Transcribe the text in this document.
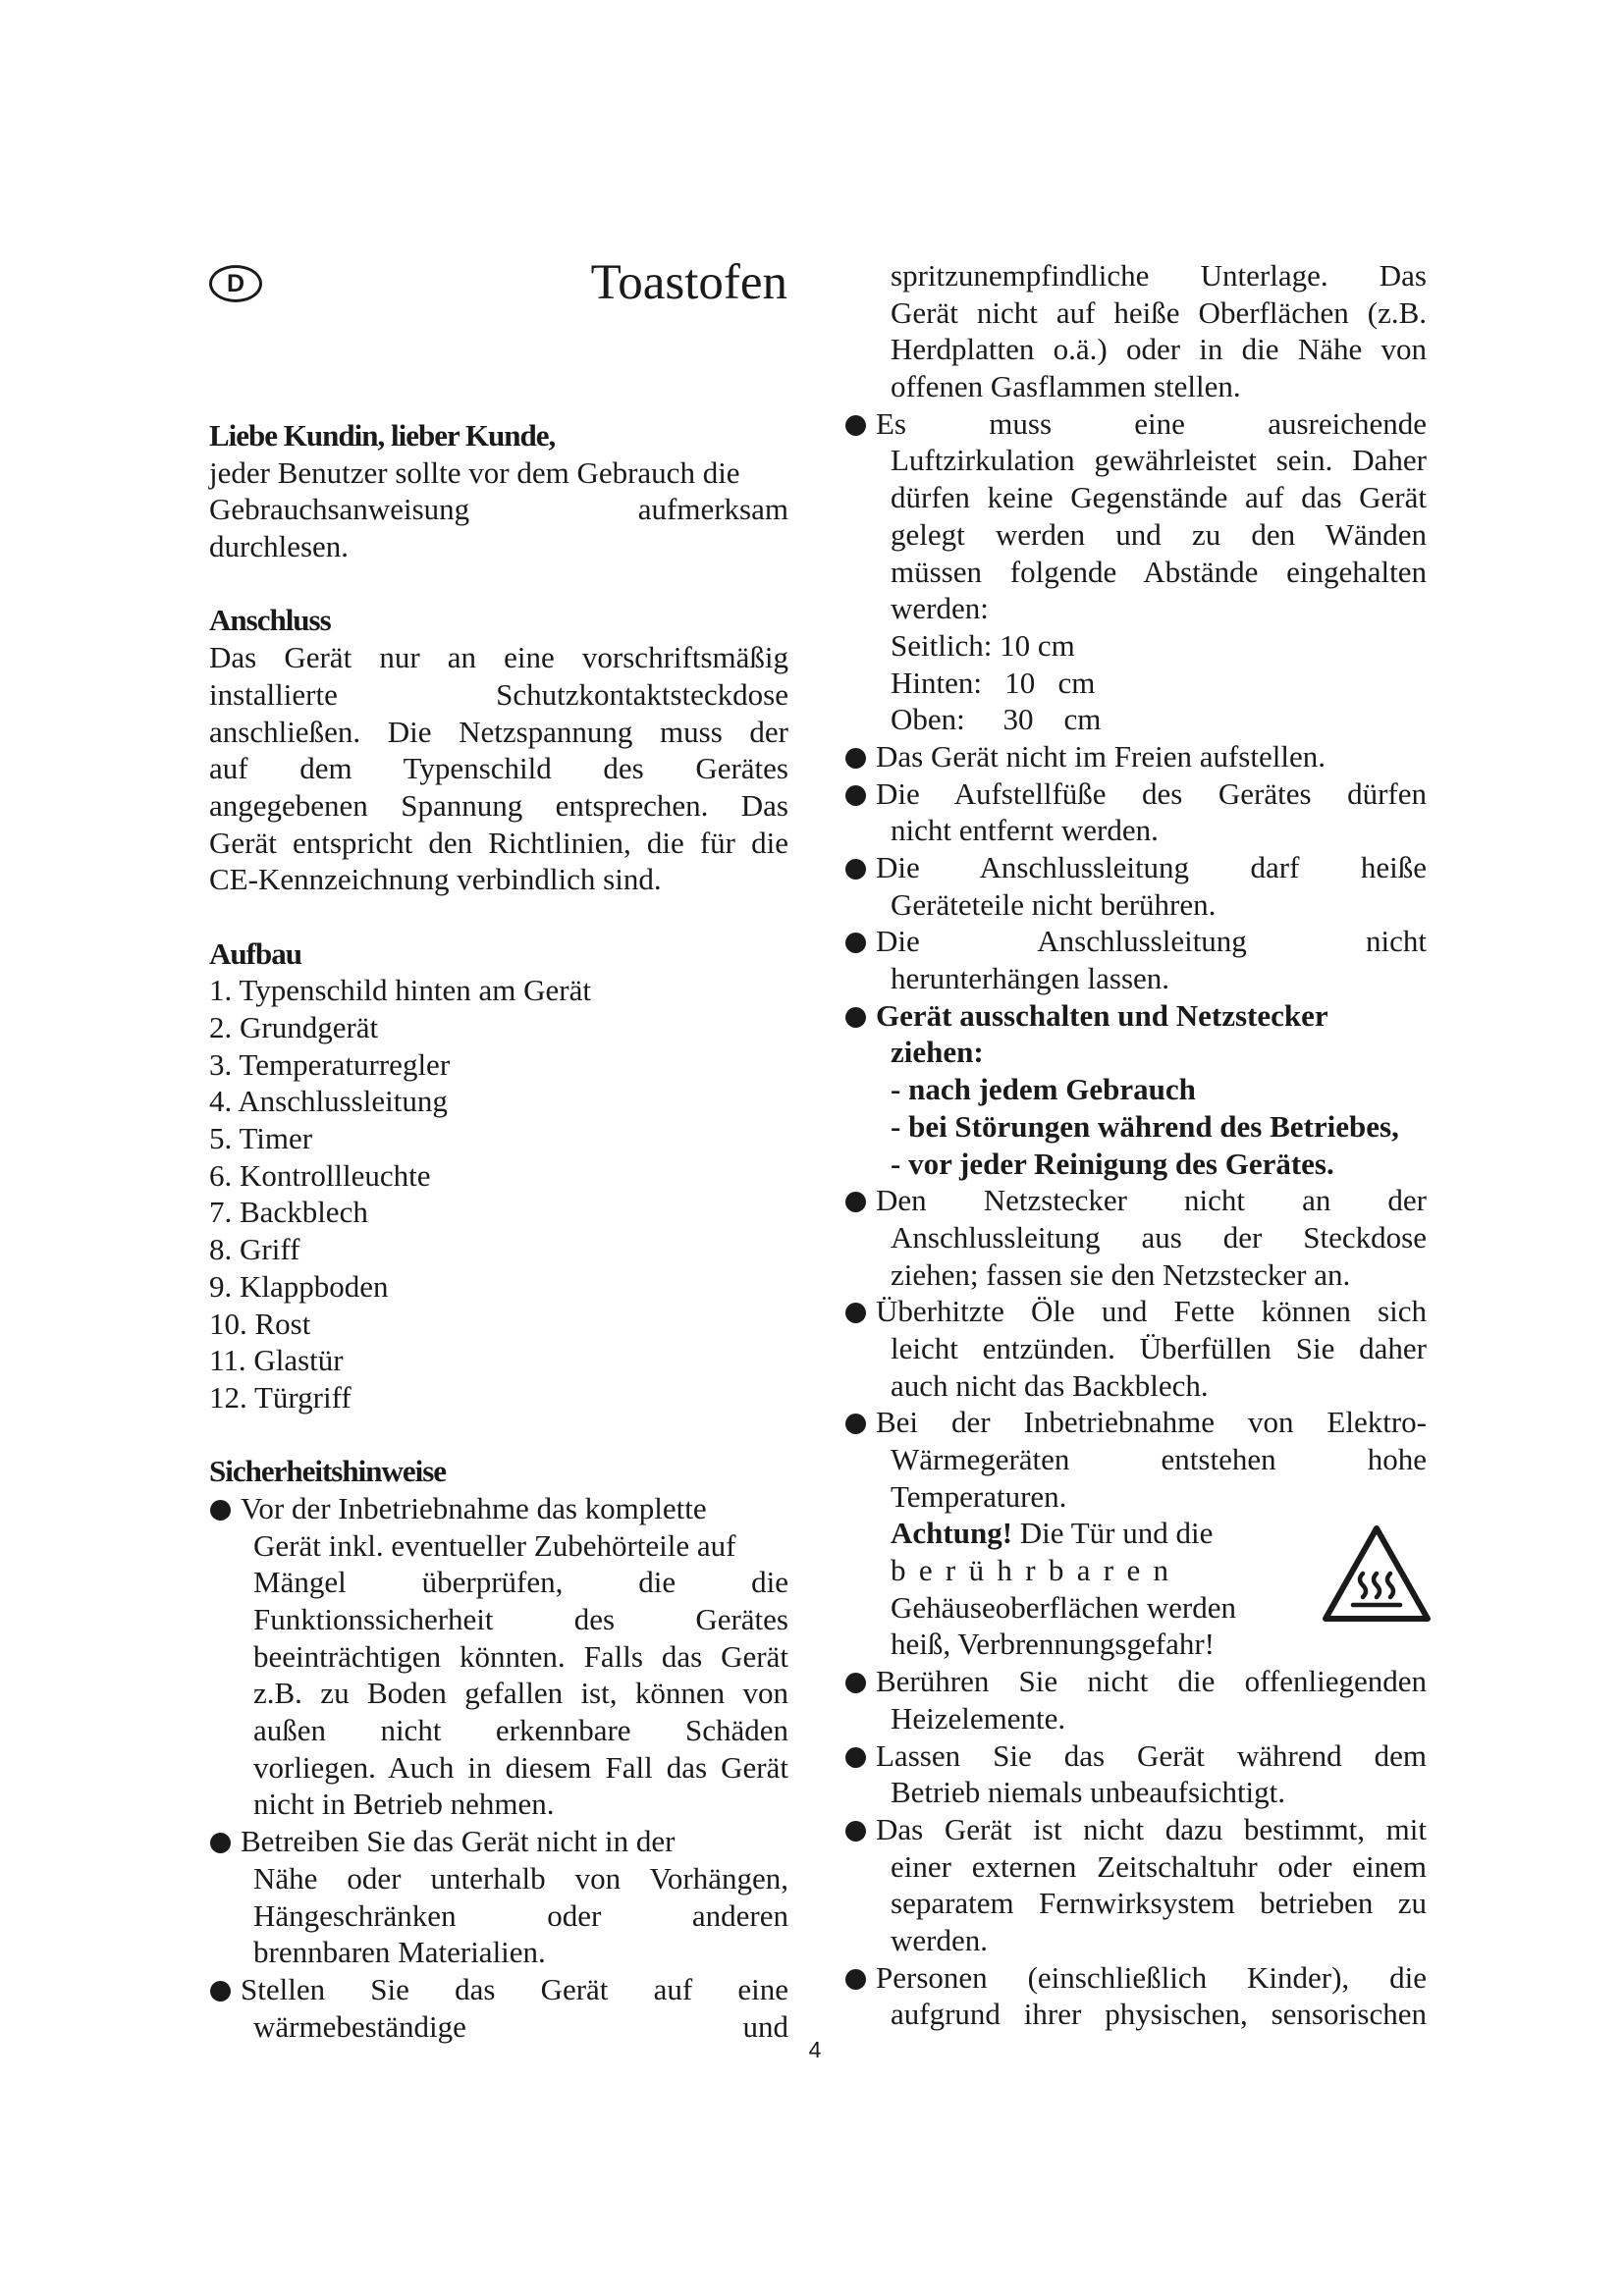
D	Toastofen
Liebe Kundin, lieber Kunde,
jeder Benutzer sollte vor dem Gebrauch die
Gebrauchsanweisung aufmerksam
durchlesen.
Anschluss
Das Gerät nur an eine vorschriftsmäßig
installierte Schutzkontaktsteckdose
anschließen. Die Netzspannung muss der
auf dem Typenschild des Gerätes
angegebenen Spannung entsprechen. Das
Gerät entspricht den Richtlinien, die für die
CE-Kennzeichnung verbindlich sind.
Aufbau
1. Typenschild hinten am Gerät
2. Grundgerät
3. Temperaturregler
4. Anschlussleitung
5. Timer
6. Kontrollleuchte
7. Backblech
8. Griff
9. Klappboden
10. Rost
11. Glastür
12. Türgriff
Sicherheitshinweise
Vor der Inbetriebnahme das komplette
Gerät inkl. eventueller Zubehörteile auf
Mängel überprüfen, die die
Funktionssicherheit des Gerätes
beeinträchtigen könnten. Falls das Gerät
z.B. zu Boden gefallen ist, können von
außen nicht erkennbare Schäden
vorliegen. Auch in diesem Fall das Gerät
nicht in Betrieb nehmen.
Betreiben Sie das Gerät nicht in der
Nähe oder unterhalb von Vorhängen,
Hängeschränken oder anderen
brennbaren Materialien.
Stellen Sie das Gerät auf eine
wärmebeständige und
spritzunempfindliche Unterlage. Das
Gerät nicht auf heiße Oberflächen (z.B.
Herdplatten o.ä.) oder in die Nähe von
offenen Gasflammen stellen.
Es muss eine ausreichende
Luftzirkulation gewährleistet sein. Daher
dürfen keine Gegenstände auf das Gerät
gelegt werden und zu den Wänden
müssen folgende Abstände eingehalten
werden:
Seitlich: 10 cm
Hinten:   10   cm
Oben:     30    cm
Das Gerät nicht im Freien aufstellen.
Die Aufstellfüße des Gerätes dürfen
nicht entfernt werden.
Die Anschlussleitung darf heiße
Geräteteile nicht berühren.
Die Anschlussleitung nicht
herunterhängen lassen.
Gerät ausschalten und Netzstecker
ziehen:
- nach jedem Gebrauch
- bei Störungen während des Betriebes,
- vor jeder Reinigung des Gerätes.
Den Netzstecker nicht an der
Anschlussleitung aus der Steckdose
ziehen; fassen sie den Netzstecker an.
Überhitzte Öle und Fette können sich
leicht entzünden. Überfüllen Sie daher
auch nicht das Backblech.
Bei der Inbetriebnahme von Elektro-
Wärmegeräten entstehen hohe
Temperaturen.
Achtung! Die Tür und die
b e r ü h r b a r e n
Gehäuseoberflächen werden
heiß, Verbrennungsgefahr!
Berühren Sie nicht die offenliegenden
Heizelemente.
Lassen Sie das Gerät während dem
Betrieb niemals unbeaufsichtigt.
Das Gerät ist nicht dazu bestimmt, mit
einer externen Zeitschaltuhr oder einem
separatem Fernwirksystem betrieben zu
werden.
Personen (einschließlich Kinder), die
aufgrund ihrer physischen, sensorischen
4
